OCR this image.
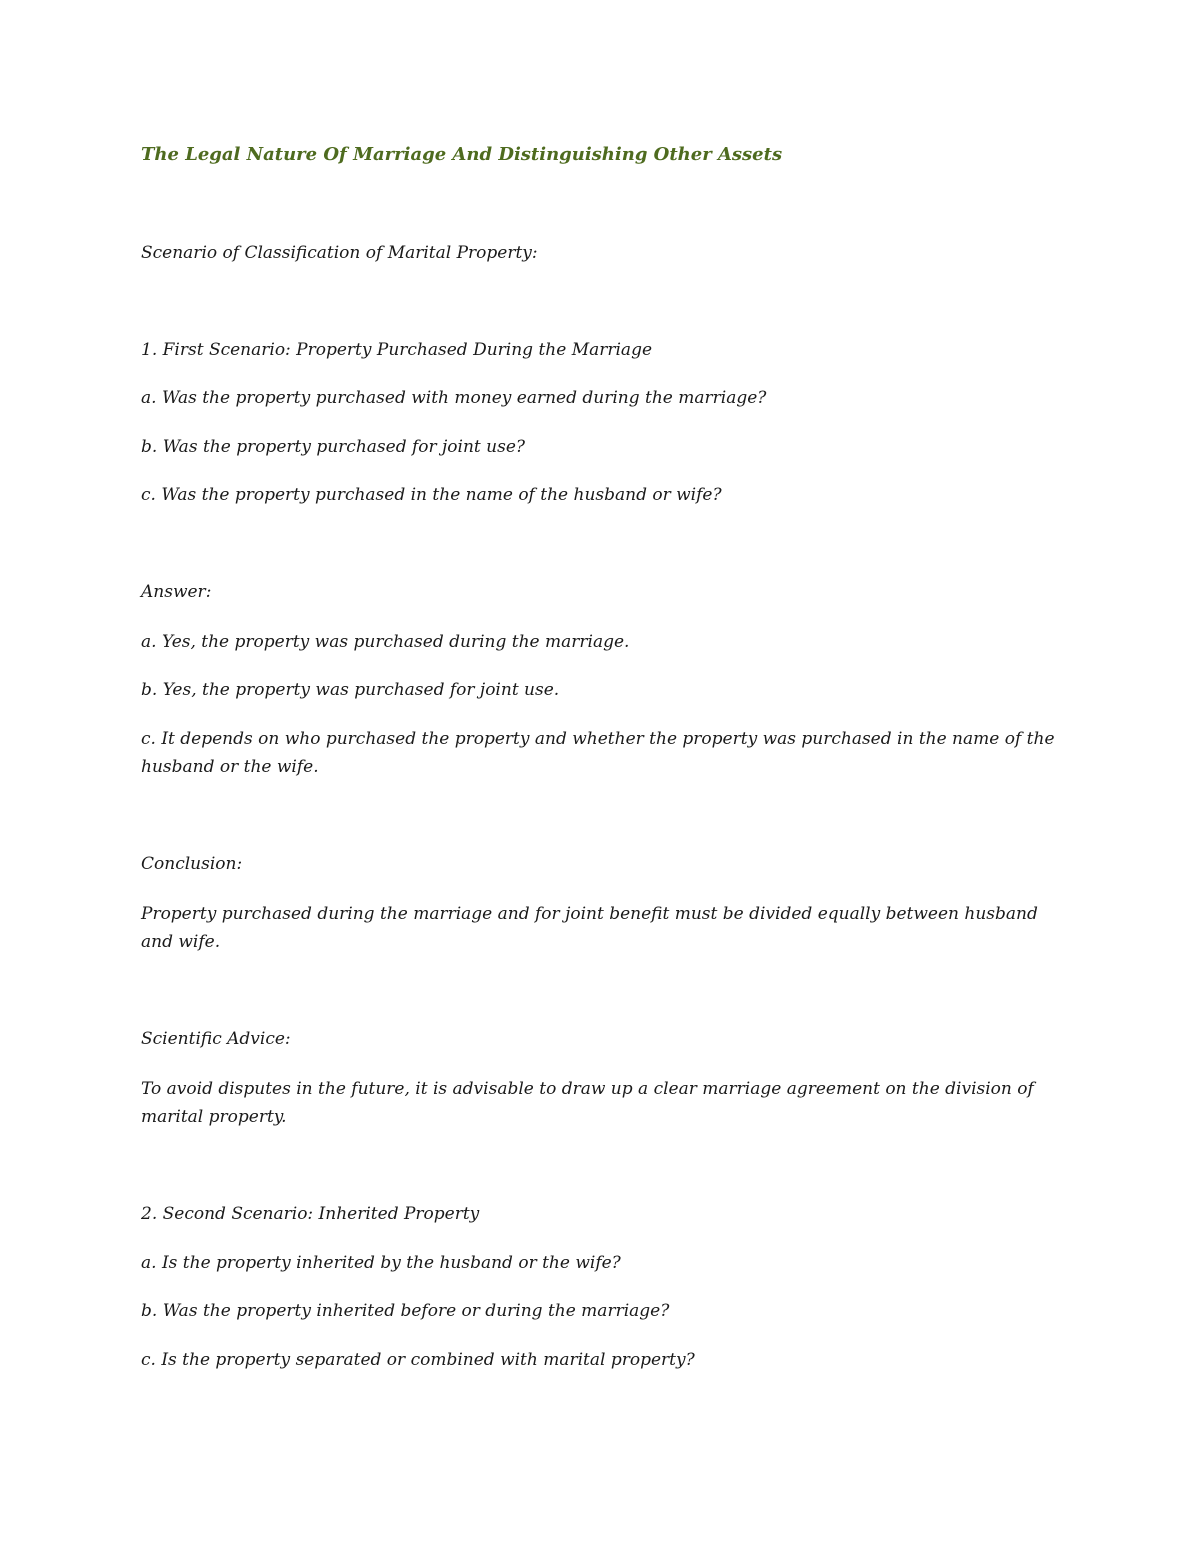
The Legal Nature Of Marriage And Distinguishing Other Assets

Scenario of Classification of Marital Property:

1. First Scenario: Property Purchased During the Marriage

a. Was the property purchased with money earned during the marriage?

b. Was the property purchased for joint use?

c. Was the property purchased in the name of the husband or wife?

Answer:

a. Yes, the property was purchased during the marriage.

b. Yes, the property was purchased for joint use.

c. It depends on who purchased the property and whether the property was purchased in the name of the husband or the wife.

Conclusion:

Property purchased during the marriage and for joint benefit must be divided equally between husband and wife.

Scientific Advice:

To avoid disputes in the future, it is advisable to draw up a clear marriage agreement on the division of marital property.

2. Second Scenario: Inherited Property

a. Is the property inherited by the husband or the wife?

b. Was the property inherited before or during the marriage?

c. Is the property separated or combined with marital property?
